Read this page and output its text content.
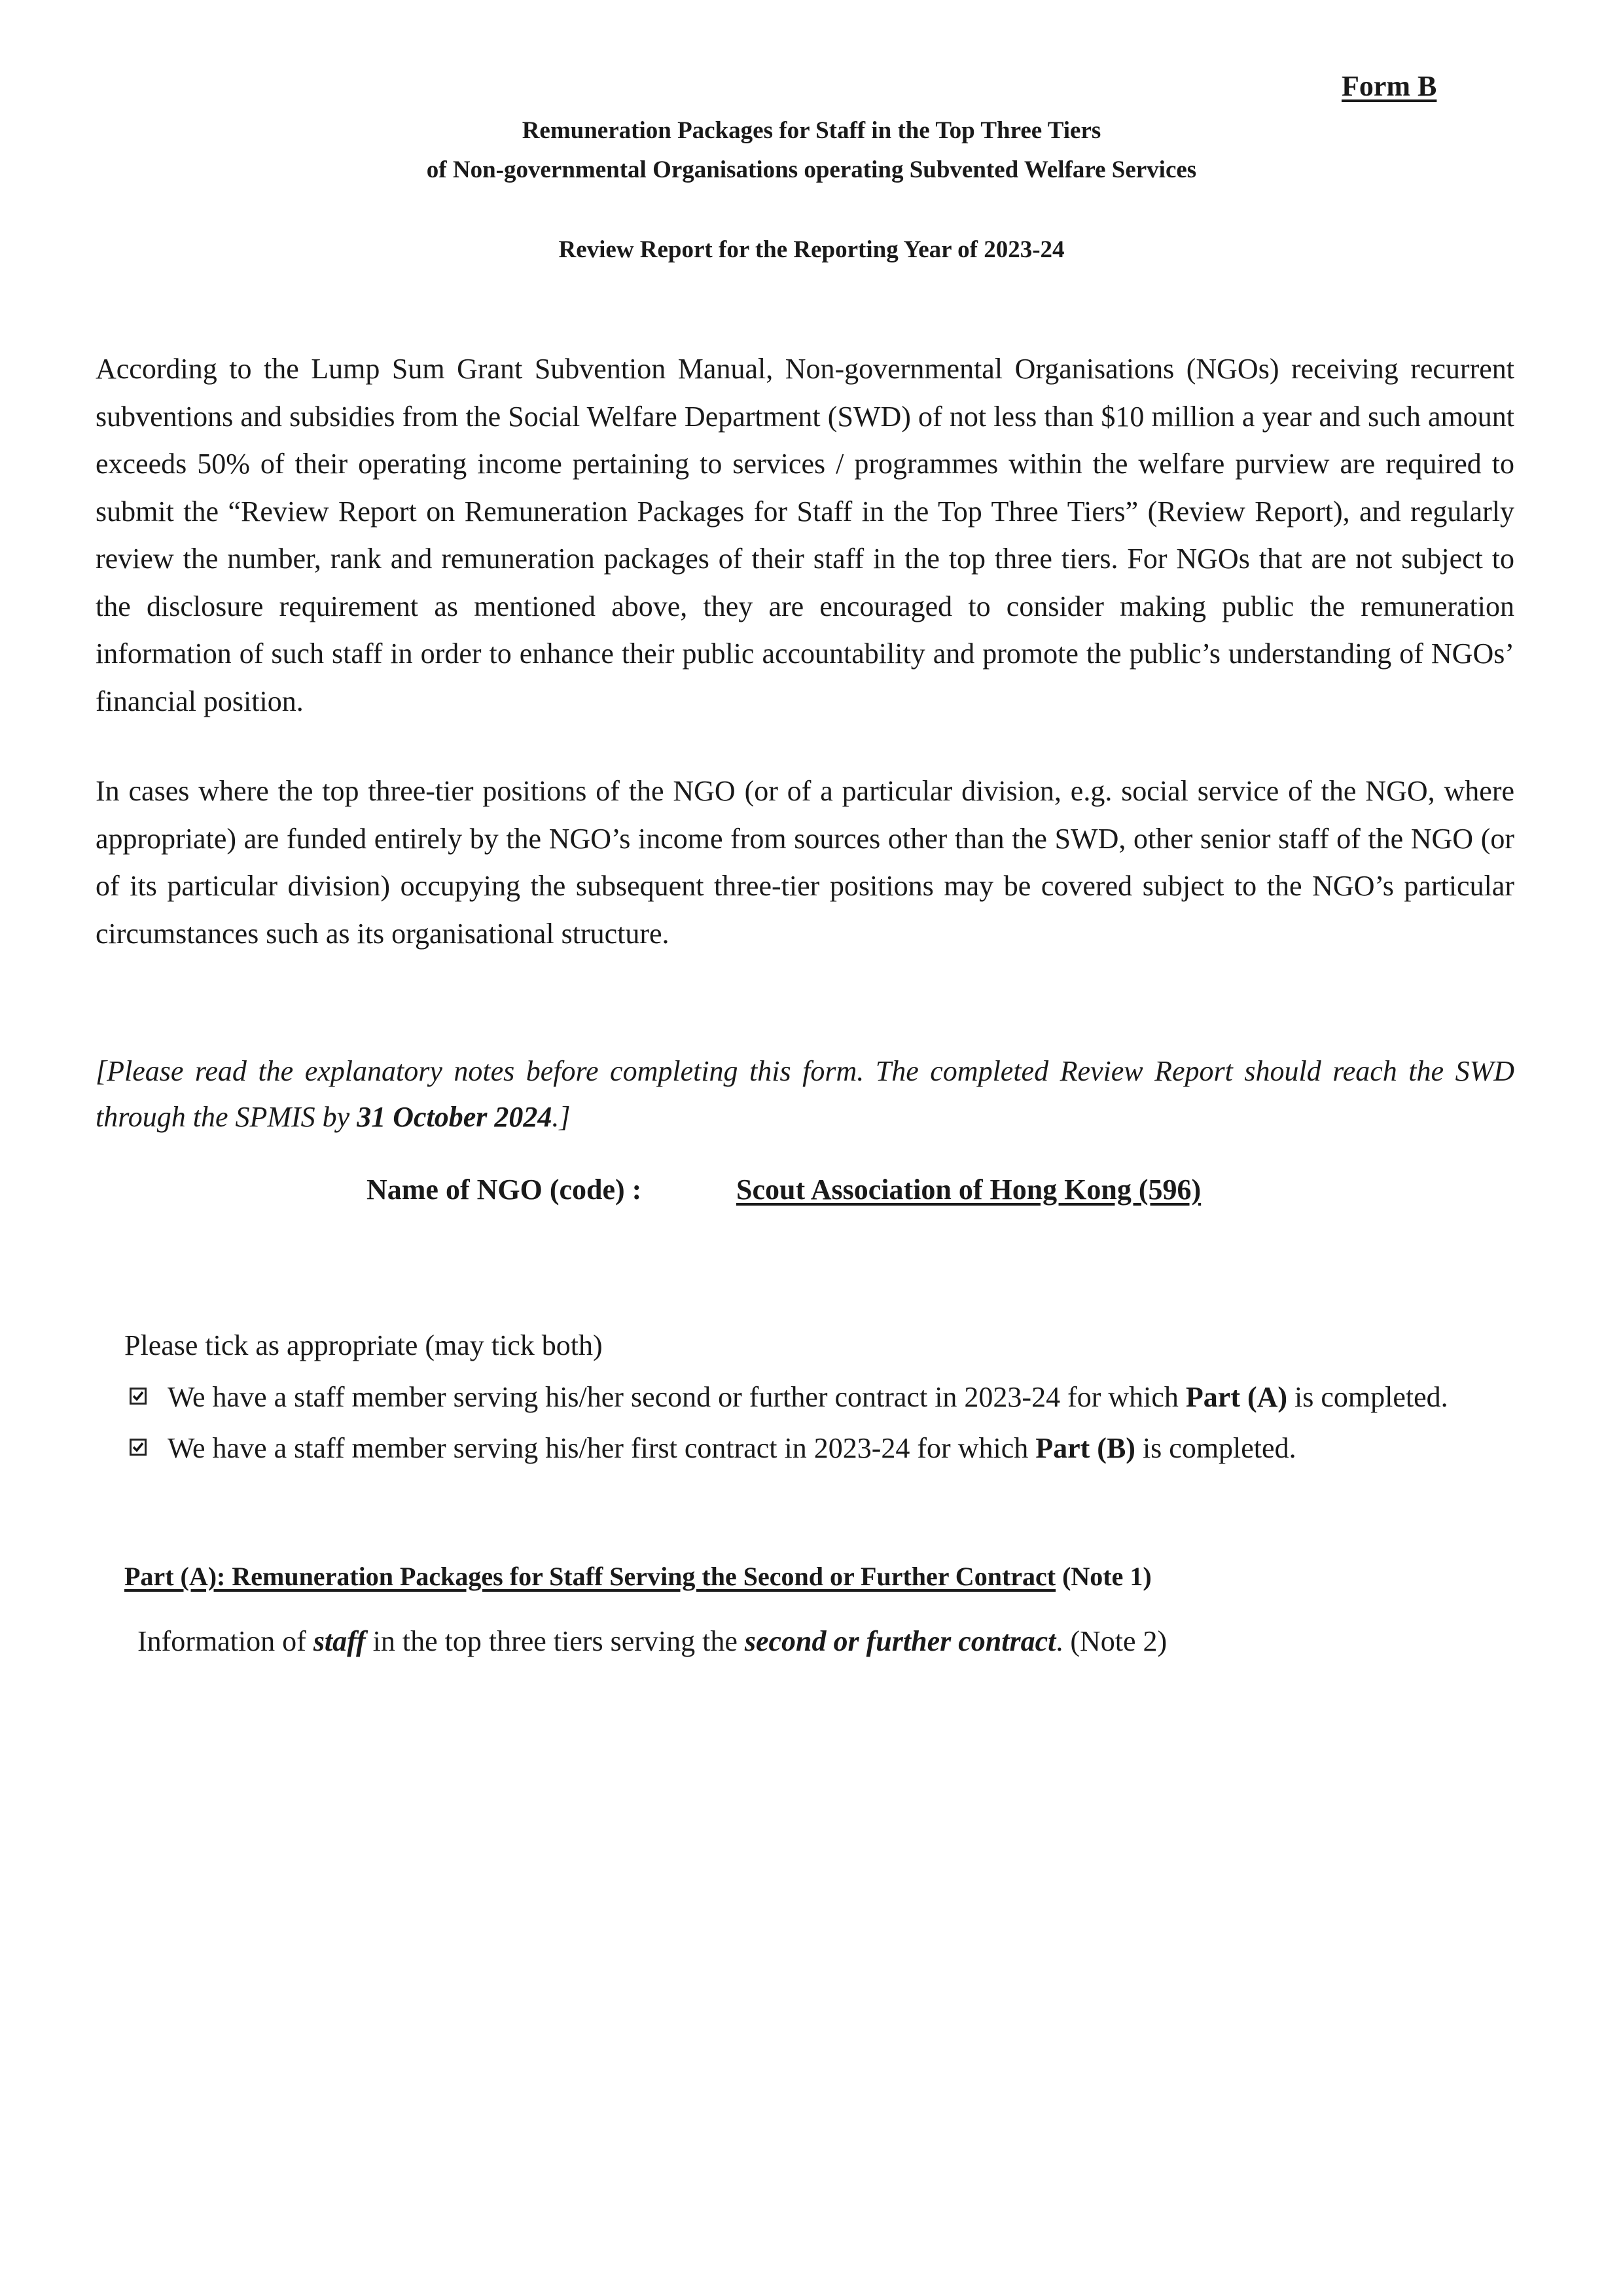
Form B

Remuneration Packages for Staff in the Top Three Tiers

of Non-governmental Organisations operating Subvented Welfare Services

Review Report for the Reporting Year of 2023-24

According to the Lump Sum Grant Subvention Manual, Non-governmental Organisations (NGOs) receiving recurrent subventions and subsidies from the Social Welfare Department (SWD) of not less than $10 million a year and such amount exceeds 50% of their operating income pertaining to services / programmes within the welfare purview are required to submit the “Review Report on Remuneration Packages for Staff in the Top Three Tiers” (Review Report), and regularly review the number, rank and remuneration packages of their staff in the top three tiers. For NGOs that are not subject to the disclosure requirement as mentioned above, they are encouraged to consider making public the remuneration information of such staff in order to enhance their public accountability and promote the public’s understanding of NGOs’ financial position.

In cases where the top three-tier positions of the NGO (or of a particular division, e.g. social service of the NGO, where appropriate) are funded entirely by the NGO’s income from sources other than the SWD, other senior staff of the NGO (or of its particular division) occupying the subsequent three-tier positions may be covered subject to the NGO’s particular circumstances such as its organisational structure.

[Please read the explanatory notes before completing this form. The completed Review Report should reach the SWD through the SPMIS by 31 October 2024.]

Name of NGO (code) :	Scout Association of Hong Kong (596)
Please tick as appropriate (may tick both)
We have a staff member serving his/her second or further contract in 2023-24 for which Part (A) is completed.
We have a staff member serving his/her first contract in 2023-24 for which Part (B) is completed.
Part (A): Remuneration Packages for Staff Serving the Second or Further Contract (Note 1)
Information of staff in the top three tiers serving the second or further contract. (Note 2)
